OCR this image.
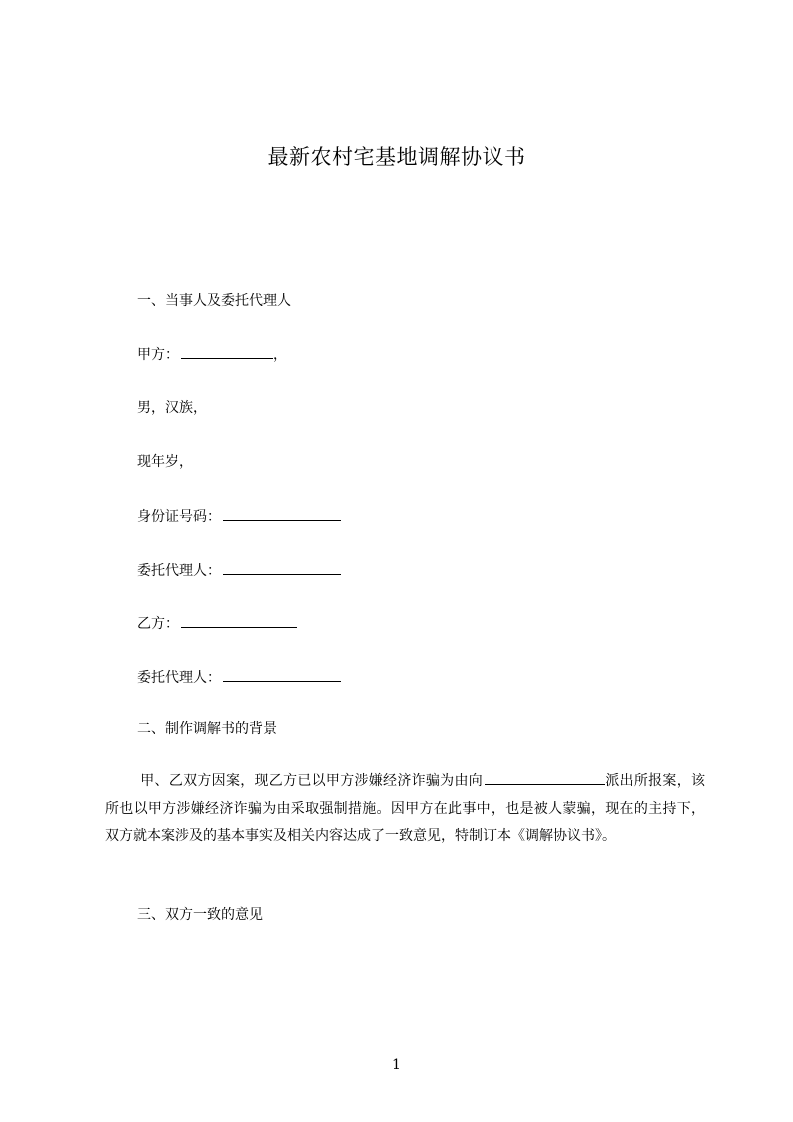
最新农村宅基地调解协议书
一、当事人及委托代理人
甲方：	，
男，汉族，
现年岁，
身份证号码：
委托代理人：
乙方：
委托代理人：
二、制作调解书的背景
甲、乙双方因案，现乙方已以甲方涉嫌经济诈骗为由向	派出所报案，该所也以甲方涉嫌经济诈骗为由采取强制措施。因甲方在此事中，也是被人蒙骗，现在的主持下，双方就本案涉及的基本事实及相关内容达成了一致意见，特制订本《调解协议书》。
三、双方一致的意见
1
